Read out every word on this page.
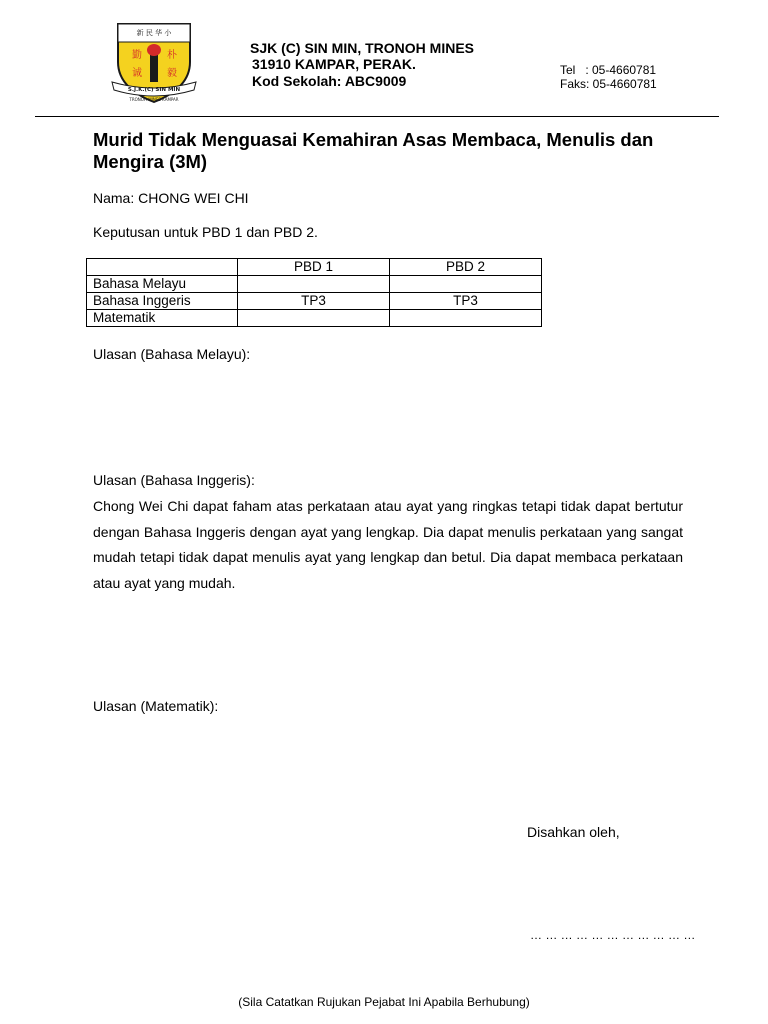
新 民 华 小
勤	朴
诚	毅
S.J.K.(C) SIN MIN
TRONOH MINES KAMPAR
SJK (C) SIN MIN, TRONOH MINES
31910 KAMPAR, PERAK.
Kod Sekolah: ABC9009
Tel   : 05-4660781
Faks: 05-4660781
Murid Tidak Menguasai Kemahiran Asas Membaca, Menulis dan Mengira (3M)
Nama: CHONG WEI CHI
Keputusan untuk PBD 1 dan PBD 2.
	PBD 1	PBD 2
Bahasa Melayu		
Bahasa Inggeris	TP3	TP3
Matematik		
Ulasan (Bahasa Melayu):
Ulasan (Bahasa Inggeris):
Chong Wei Chi dapat faham atas perkataan atau ayat yang ringkas tetapi tidak dapat bertutur dengan Bahasa Inggeris dengan ayat yang lengkap. Dia dapat menulis perkataan yang sangat mudah tetapi tidak dapat menulis ayat yang lengkap dan betul. Dia dapat membaca perkataan atau ayat yang mudah.
Ulasan (Matematik):
Disahkan oleh,
… … … … … … … … … … …
(Sila Catatkan Rujukan Pejabat Ini Apabila Berhubung)
